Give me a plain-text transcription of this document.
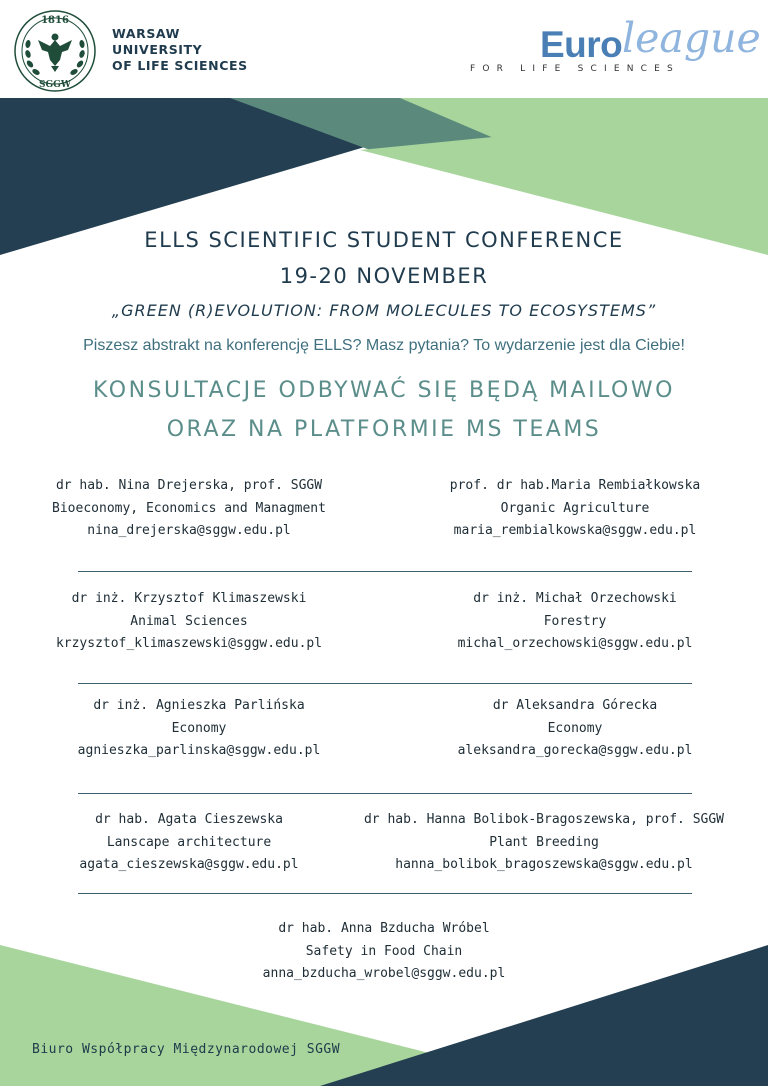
1816
SGGW
WARSAW
UNIVERSITY
OF LIFE SCIENCES
Euro league
FOR LIFE SCIENCES
ELLS SCIENTIFIC STUDENT CONFERENCE
19-20 NOVEMBER
„GREEN (R)EVOLUTION: FROM MOLECULES TO ECOSYSTEMS”
Piszesz abstrakt na konferencję ELLS? Masz pytania? To wydarzenie jest dla Ciebie!
KONSULTACJE ODBYWAĆ SIĘ BĘDĄ MAILOWO
ORAZ NA PLATFORMIE MS TEAMS
dr hab. Nina Drejerska, prof. SGGW
Bioeconomy, Economics and Managment
nina_drejerska@sggw.edu.pl
prof. dr hab.Maria Rembiałkowska
Organic Agriculture
maria_rembialkowska@sggw.edu.pl
dr inż. Krzysztof Klimaszewski
Animal Sciences
krzysztof_klimaszewski@sggw.edu.pl
dr inż. Michał Orzechowski
Forestry
michal_orzechowski@sggw.edu.pl
dr inż. Agnieszka Parlińska
Economy
agnieszka_parlinska@sggw.edu.pl
dr Aleksandra Górecka
Economy
aleksandra_gorecka@sggw.edu.pl
dr hab. Agata Cieszewska
Lanscape architecture
agata_cieszewska@sggw.edu.pl
dr hab. Hanna Bolibok-Bragoszewska, prof. SGGW
Plant Breeding
hanna_bolibok_bragoszewska@sggw.edu.pl
dr hab. Anna Bzducha Wróbel
Safety in Food Chain
anna_bzducha_wrobel@sggw.edu.pl
Biuro Współpracy Międzynarodowej SGGW
